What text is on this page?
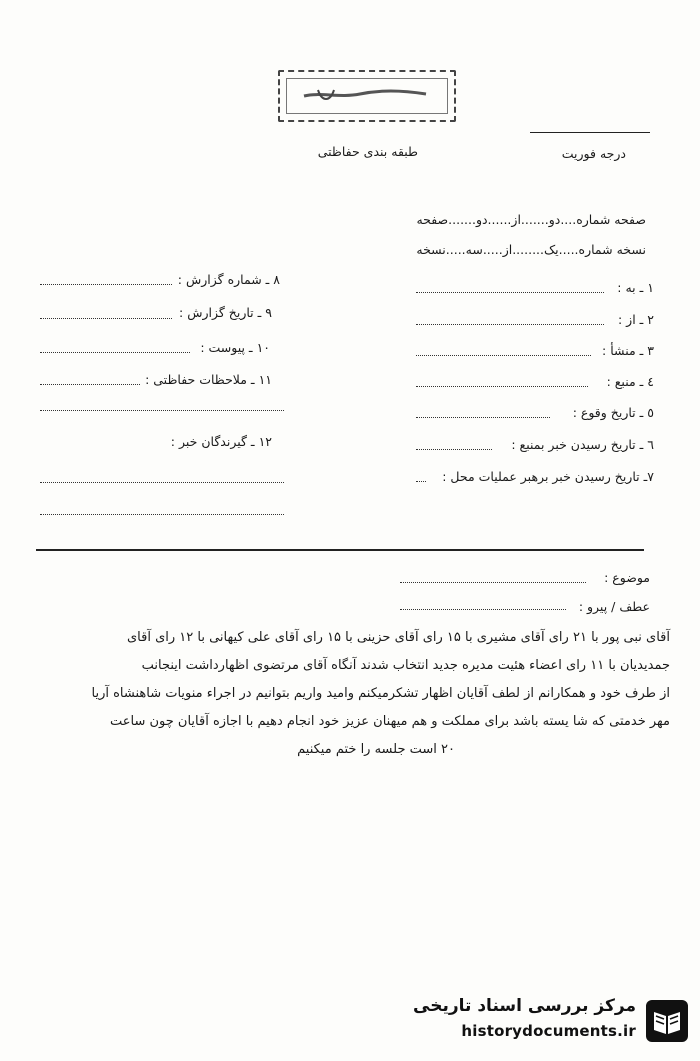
درجه فوریت
طبقه بندی حفاظتی
صفحه شماره....دو.......از......دو.......صفحه
نسخه شماره.....یک........از.....سه.....نسخه
۱ ـ به :
۲ ـ از :
۳ ـ منشأ :
٤ ـ منبع :
٥ ـ تاریخ وقوع :
٦ ـ تاریخ رسیدن خبر بمنبع :
۷ـ تاریخ رسیدن خبر برهبر عملیات محل :
۸ ـ شماره گزارش :
۹ ـ تاریخ گزارش :
۱۰ ـ پیوست :
۱۱ ـ ملاحظات حفاظتی :
۱۲ ـ گیرندگان خبر :
موضوع :
عطف / پیرو :

آقای نبی پور با ۲۱ رای آقای مشیری با ۱۵ رای آقای حزینی با ۱۵ رای آقای علی کیهانی با ۱۲ رای آقای

جمدیدیان با ۱۱ رای اعضاء هئیت مدیره جدید انتخاب شدند آنگاه آقای مرتضوی اظهارداشت اینجانب

از طرف خود و همکارانم از لطف آقایان اظهار تشکرمیکنم وامید واریم بتوانیم در اجراء منویات شاهنشاه آریا

مهر خدمتی که شا یسته باشد برای مملکت و هم میهنان عزیز خود انجام دهیم با اجازه آقایان چون ساعت

۲۰ است جلسه را ختم میکنیم

مرکز بررسی اسناد تاریخی
historydocuments.ir
